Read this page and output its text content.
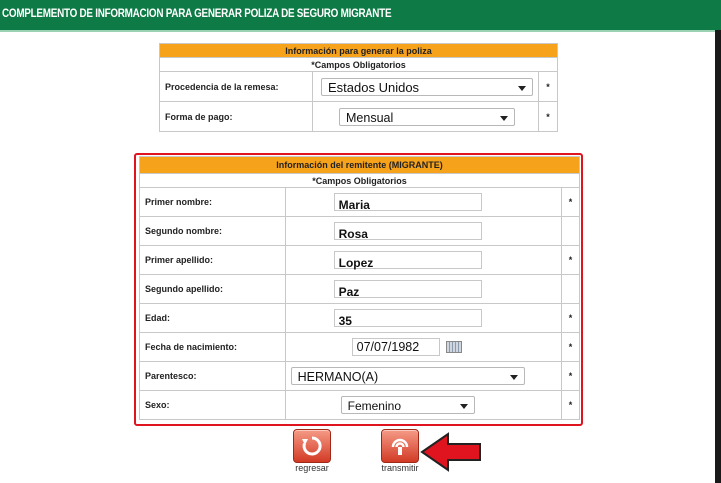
COMPLEMENTO DE INFORMACION PARA GENERAR POLIZA DE SEGURO MIGRANTE
Información para generar la poliza		
*Campos Obligatorios		
Procedencia de la remesa:	Estados Unidos	*
Forma de pago:	Mensual	*
Información del remitente (MIGRANTE)		
*Campos Obligatorios		
Primer nombre:	Maria	*
Segundo nombre:	Rosa	
Primer apellido:	Lopez	*
Segundo apellido:	Paz	
Edad:	35	*
Fecha de nacimiento:	07/07/1982	*
Parentesco:	HERMANO(A)	*
Sexo:	Femenino	*
regresar	transmitir
